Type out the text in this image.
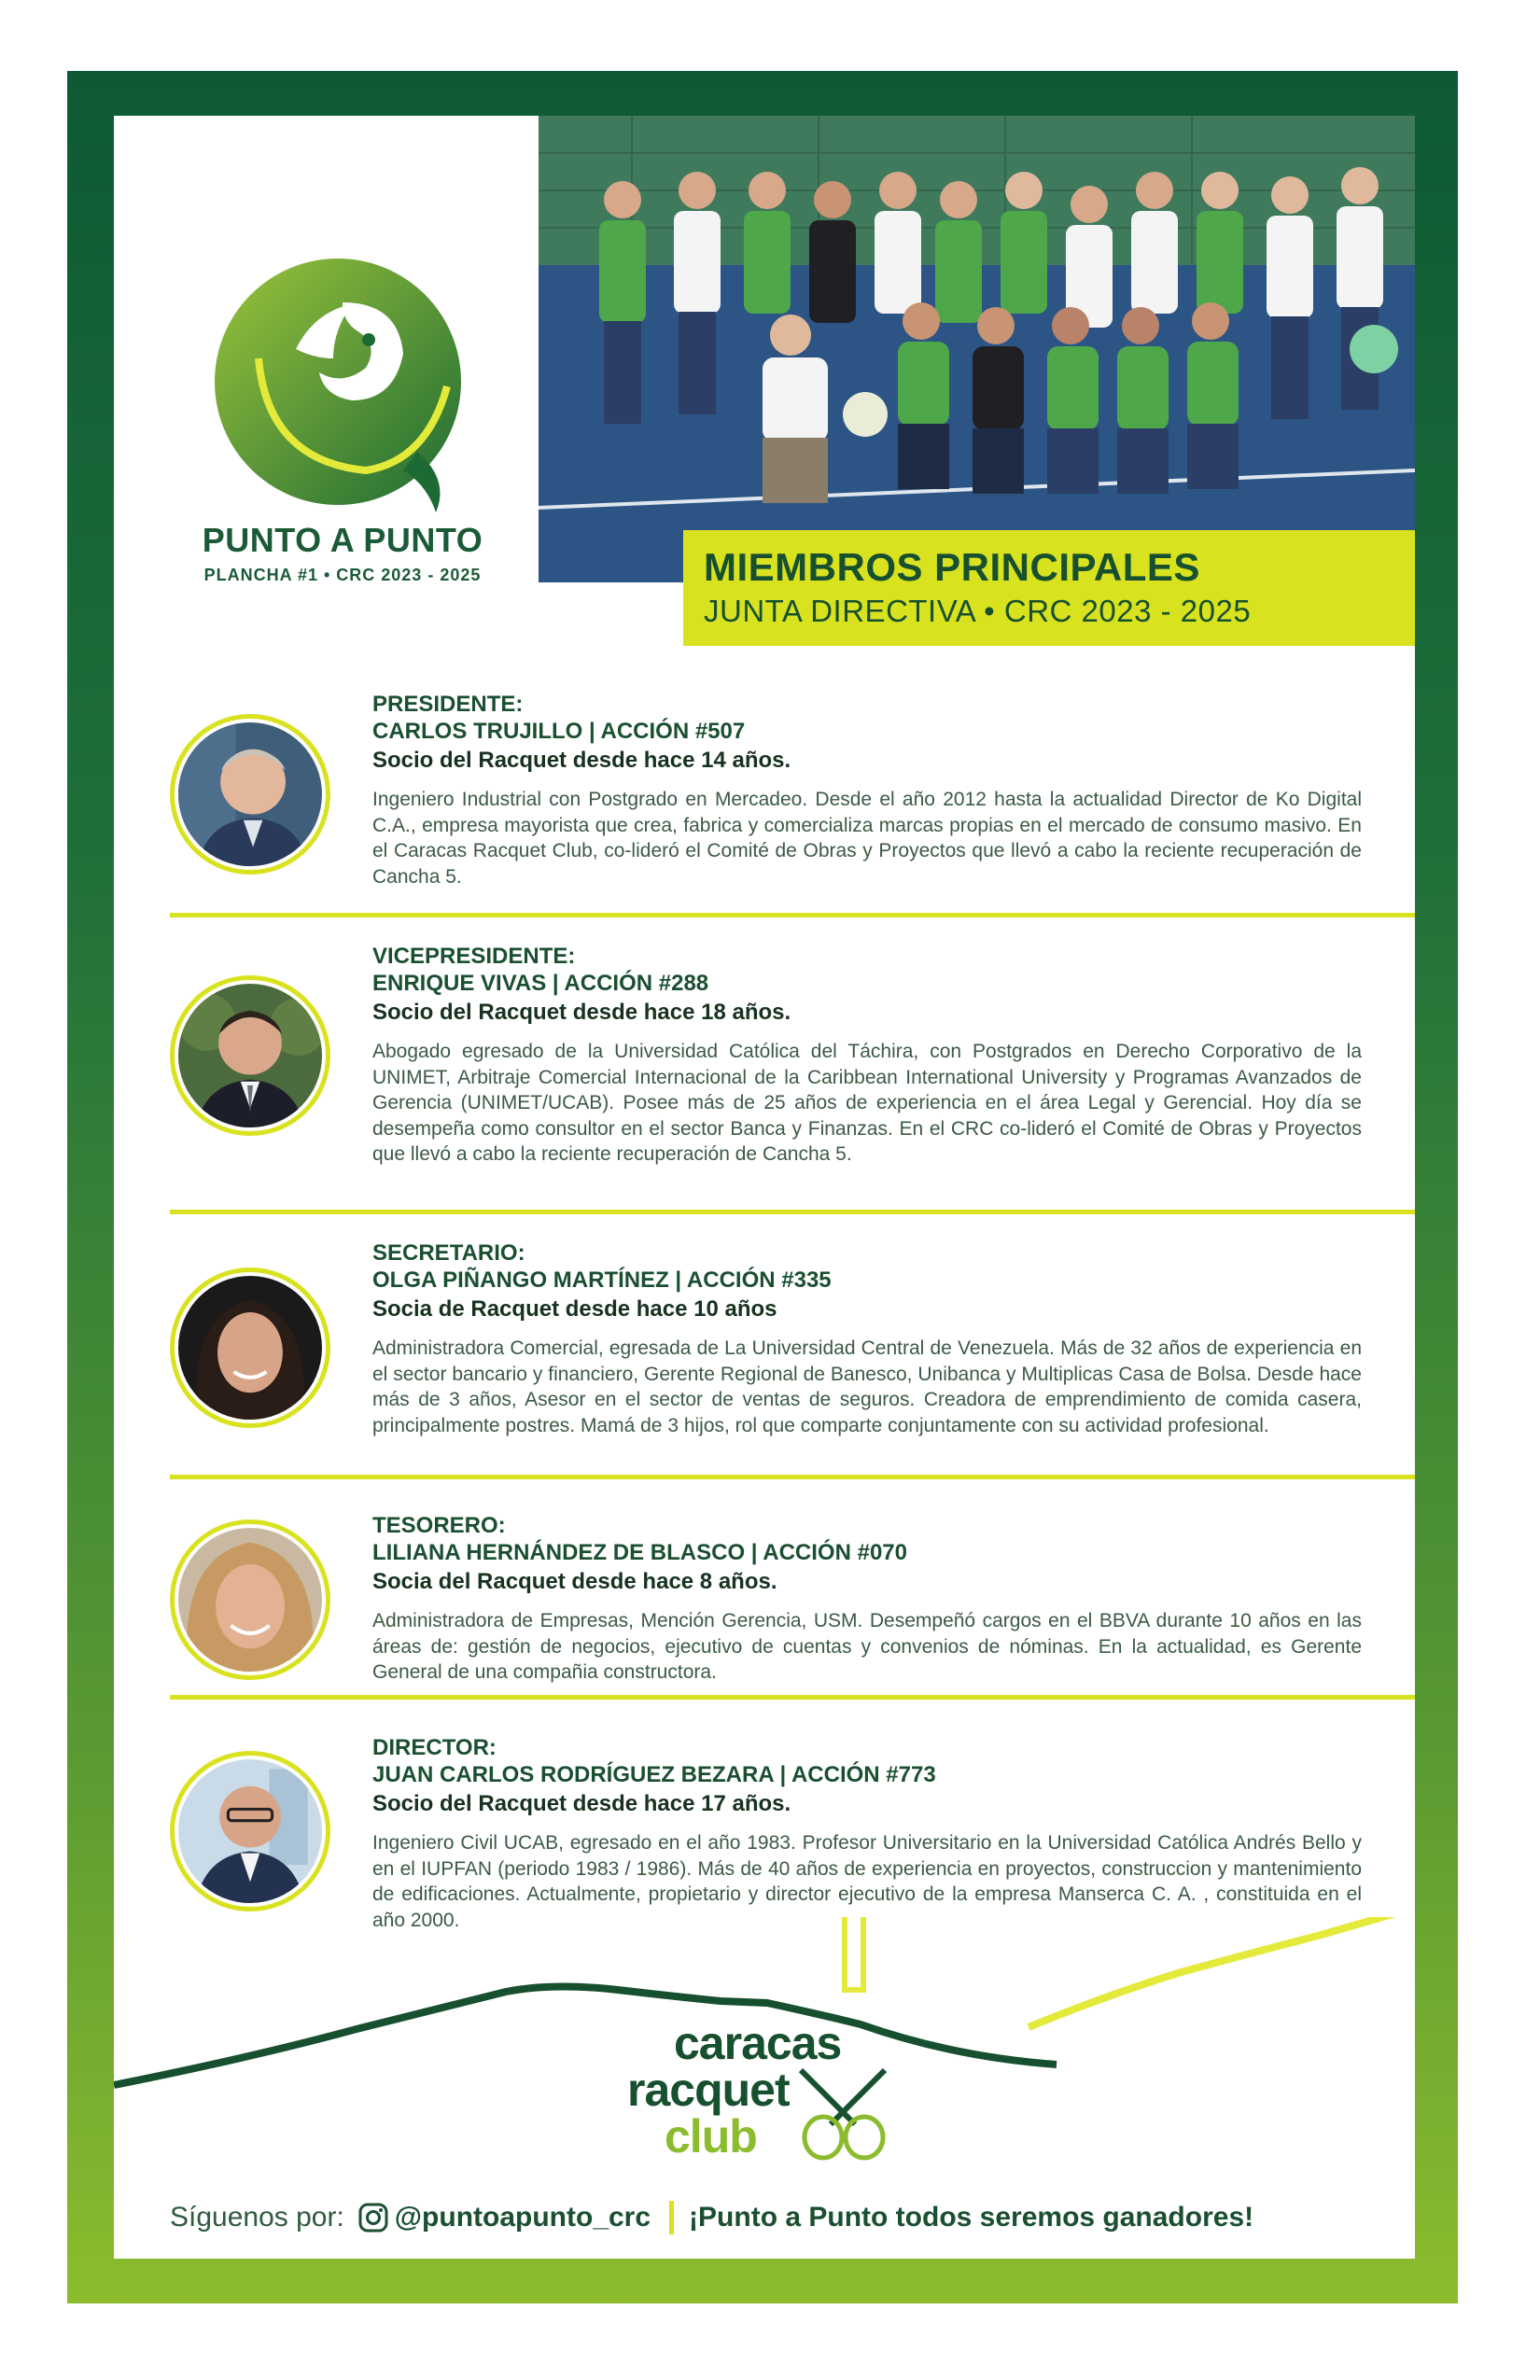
PUNTO A PUNTO
PLANCHA #1 • CRC 2023 - 2025	MIEMBROS PRINCIPALES
JUNTA DIRECTIVA • CRC 2023 - 2025
PRESIDENTE:
CARLOS TRUJILLO | ACCIÓN #507
Socio del Racquet desde hace 14 años.
Ingeniero Industrial con Postgrado en Mercadeo. Desde el año 2012 hasta la actualidad Director de Ko Digital C.A., empresa mayorista que crea, fabrica y comercializa marcas propias en el mercado de consumo masivo. En el Caracas Racquet Club, co-lideró el Comité de Obras y Proyectos que llevó a cabo la reciente recuperación de Cancha 5.
VICEPRESIDENTE:
ENRIQUE VIVAS | ACCIÓN #288
Socio del Racquet desde hace 18 años.
Abogado egresado de la Universidad Católica del Táchira, con Postgrados en Derecho Corporativo de la UNIMET, Arbitraje Comercial Internacional de la Caribbean International University y Programas Avanzados de Gerencia (UNIMET/UCAB). Posee más de 25 años de experiencia en el área Legal y Gerencial. Hoy día se desempeña como consultor en el sector Banca y Finanzas. En el CRC co-lideró el Comité de Obras y Proyectos que llevó a cabo la reciente recuperación de Cancha 5.
SECRETARIO:
OLGA PIÑANGO MARTÍNEZ | ACCIÓN #335
Socia de Racquet desde hace 10 años
Administradora Comercial, egresada de La Universidad Central de Venezuela. Más de 32 años de experiencia en el sector bancario y financiero, Gerente Regional de Banesco, Unibanca y Multiplicas Casa de Bolsa. Desde hace más de 3 años, Asesor en el sector de ventas de seguros. Creadora de emprendimiento de comida casera, principalmente postres. Mamá de 3 hijos, rol que comparte conjuntamente con su actividad profesional.
TESORERO:
LILIANA HERNÁNDEZ DE BLASCO | ACCIÓN #070
Socia del Racquet desde hace 8 años.
Administradora de Empresas, Mención Gerencia, USM. Desempeñó cargos en el BBVA durante 10 años en las áreas de: gestión de negocios, ejecutivo de cuentas y convenios de nóminas. En la actualidad, es Gerente General de una compañia constructora.
DIRECTOR:
JUAN CARLOS RODRÍGUEZ BEZARA | ACCIÓN #773
Socio del Racquet desde hace 17 años.
Ingeniero Civil UCAB, egresado en el año 1983. Profesor Universitario en la Universidad Católica Andrés Bello y en el IUPFAN (periodo 1983 / 1986). Más de 40 años de experiencia en proyectos, construccion y mantenimiento de edificaciones. Actualmente, propietario y director ejecutivo de la empresa Manserca C. A. , constituida en el año 2000.
caracas
racquet
club
Síguenos por: @puntoapunto_crc ¡Punto a Punto todos seremos ganadores!
